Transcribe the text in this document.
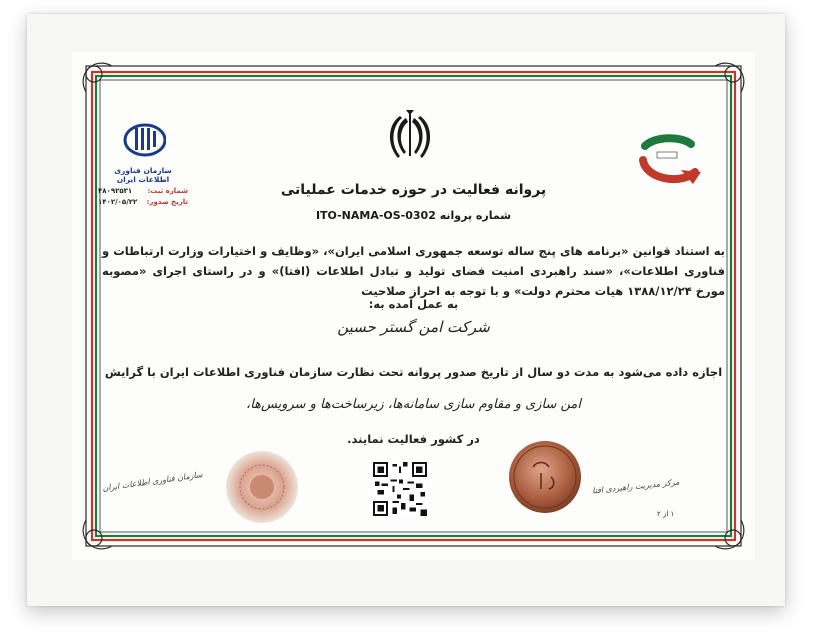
پروانه فعالیت در حوزه خدمات عملیاتی
شماره پروانه ITO-NAMA-OS-0302
به استناد قوانین «برنامه های پنج ساله توسعه جمهوری اسلامی ایران»، «وظایف و اختیارات وزارت ارتباطات و فناوری اطلاعات»، «سند راهبردی امنیت فضای تولید و تبادل اطلاعات (افتا)» و در راستای اجرای «مصوبه مورخ ۱۳۸۸/۱۲/۲۴ هیات محترم دولت» و با توجه به احراز صلاحیت
به عمل آمده به:
شرکت امن گستر حسین
اجازه داده می‌شود به مدت دو سال از تاریخ صدور پروانه تحت نظارت سازمان فناوری اطلاعات ایران با گرایش
امن سازی و مقاوم سازی سامانه‌ها، زیرساخت‌ها و سرویس‌ها،
در کشور فعالیت نمایند.
سازمان فناوری اطلاعات ایران
شماره ثبت:
۴۸۰۹۲۵۳۱
تاریخ صدور:
۱۴۰۲/۰۵/۲۲
سازمان فناوری اطلاعات ایران	مرکز مدیریت راهبردی افتا
۱ از ۲
